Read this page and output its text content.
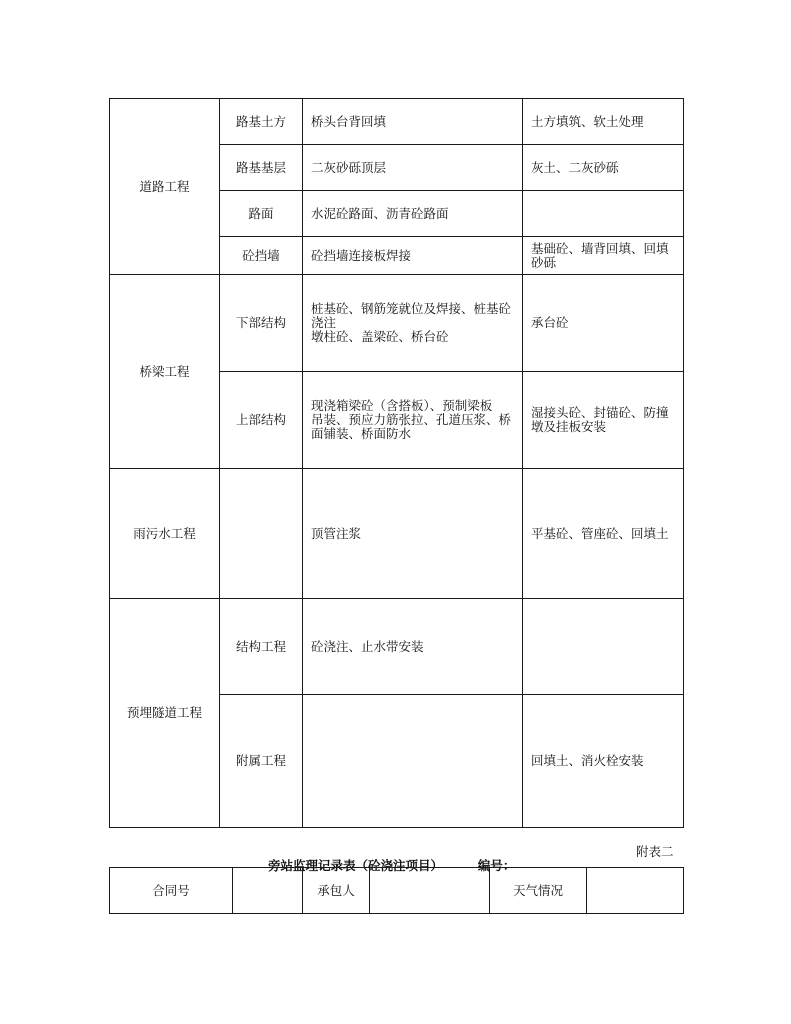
道路工程	路基土方	桥头台背回填	土方填筑、软土处理
	路基基层	二灰砂砾顶层	灰土、二灰砂砾
	路面	水泥砼路面、沥青砼路面	
	砼挡墙	砼挡墙连接板焊接	基础砼、墙背回填、回填
砂砾
桥梁工程	下部结构	桩基砼、钢筋笼就位及焊接、桩基砼
浇注
墩柱砼、盖梁砼、桥台砼	承台砼
	上部结构	现浇箱梁砼（含搭板）、预制梁板
吊装、预应力筋张拉、孔道压浆、桥
面铺装、桥面防水	湿接头砼、封锚砼、防撞
墩及挂板安装
雨污水工程		顶管注浆	平基砼、管座砼、回填土
预埋隧道工程	结构工程	砼浇注、止水带安装	
	附属工程		回填土、消火栓安装
附表二
旁站监理记录表（砼浇注项目）	编号：
合同号		承包人		天气情况	
